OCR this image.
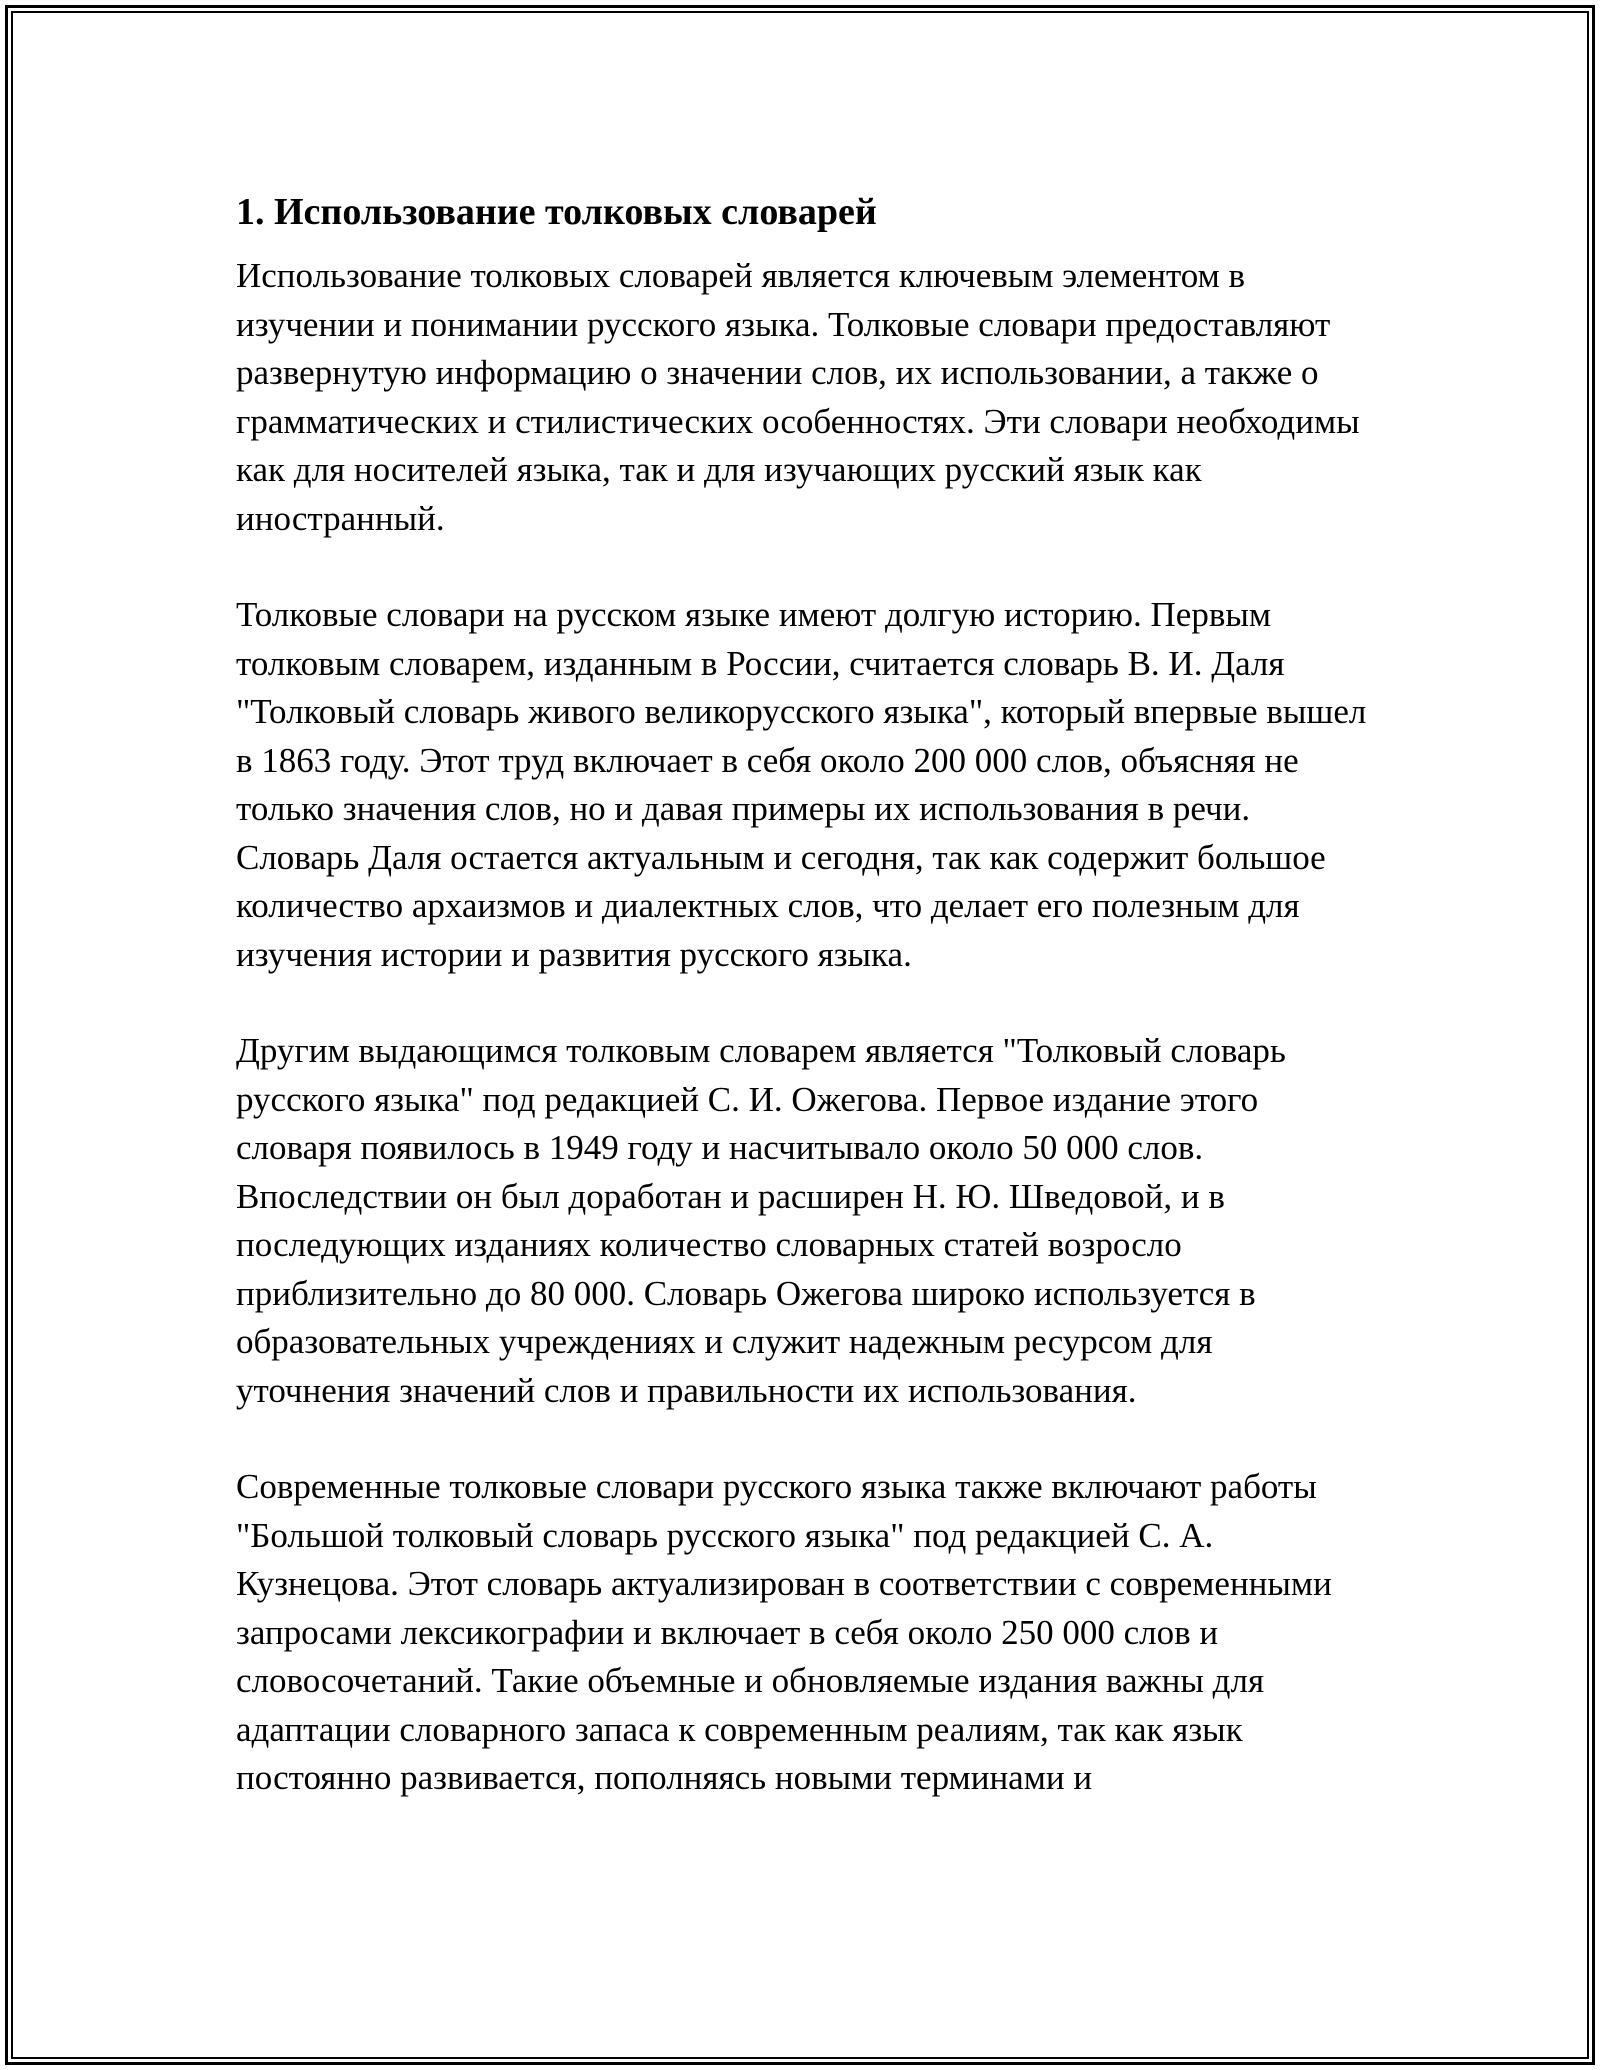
1. Использование толковых словарей

Использование толковых словарей является ключевым элементом в изучении и понимании русского языка. Толковые словари предоставляют развернутую информацию о значении слов, их использовании, а также о грамматических и стилистических особенностях. Эти словари необходимы как для носителей языка, так и для изучающих русский язык как иностранный.

Толковые словари на русском языке имеют долгую историю. Первым толковым словарем, изданным в России, считается словарь В. И. Даля "Толковый словарь живого великорусского языка", который впервые вышел в 1863 году. Этот труд включает в себя около 200 000 слов, объясняя не только значения слов, но и давая примеры их использования в речи. Словарь Даля остается актуальным и сегодня, так как содержит большое количество архаизмов и диалектных слов, что делает его полезным для изучения истории и развития русского языка.

Другим выдающимся толковым словарем является "Толковый словарь русского языка" под редакцией С. И. Ожегова. Первое издание этого словаря появилось в 1949 году и насчитывало около 50 000 слов. Впоследствии он был доработан и расширен Н. Ю. Шведовой, и в последующих изданиях количество словарных статей возросло приблизительно до 80 000. Словарь Ожегова широко используется в образовательных учреждениях и служит надежным ресурсом для уточнения значений слов и правильности их использования.

Современные толковые словари русского языка также включают работы "Большой толковый словарь русского языка" под редакцией С. А. Кузнецова. Этот словарь актуализирован в соответствии с современными запросами лексикографии и включает в себя около 250 000 слов и словосочетаний. Такие объемные и обновляемые издания важны для адаптации словарного запаса к современным реалиям, так как язык постоянно развивается, пополняясь новыми терминами и
